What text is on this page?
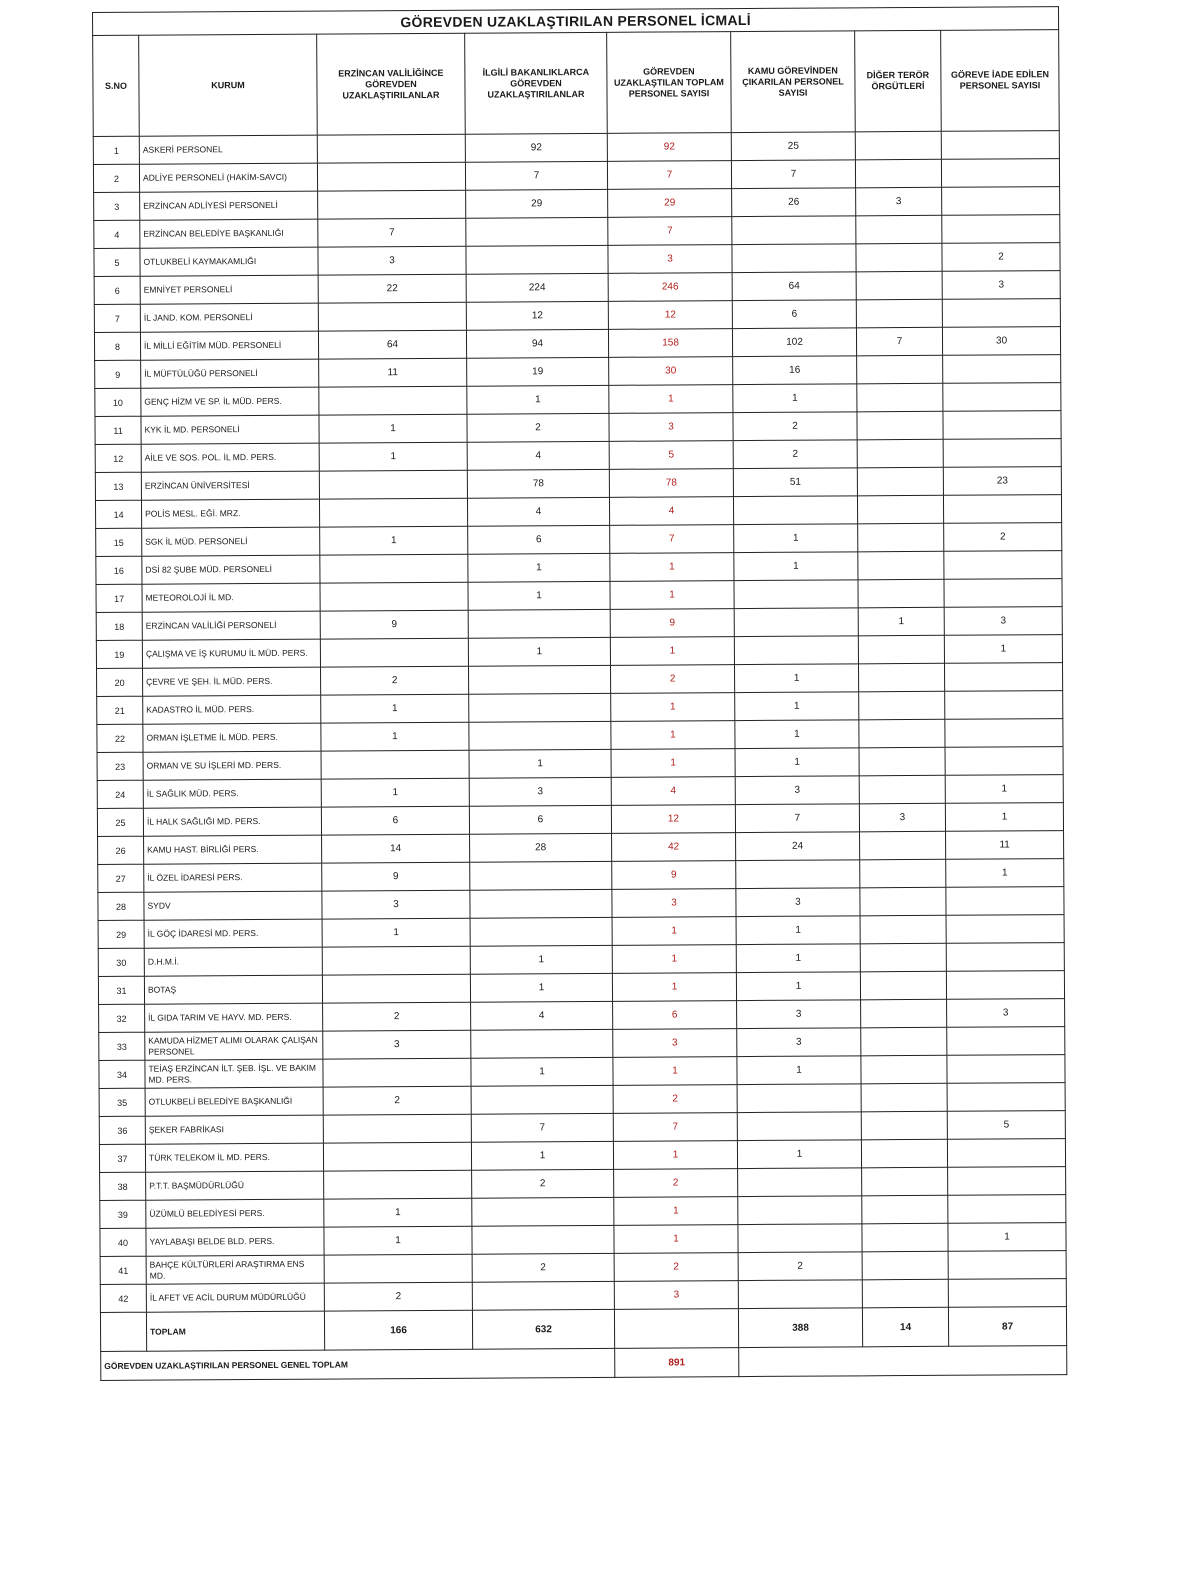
GÖREVDEN UZAKLAŞTIRILAN PERSONEL İCMALİ							
S.NO	KURUM	ERZİNCAN VALİLİĞİNCE GÖREVDEN UZAKLAŞTIRILANLAR	İLGİLİ BAKANLIKLARCA GÖREVDEN UZAKLAŞTIRILANLAR	GÖREVDEN UZAKLAŞTILAN TOPLAM PERSONEL SAYISI	KAMU GÖREVİNDEN ÇIKARILAN PERSONEL SAYISI	DİĞER TERÖR ÖRGÜTLERİ	GÖREVE İADE EDİLEN PERSONEL SAYISI
1	ASKERİ PERSONEL		92	92	25		
2	ADLİYE PERSONELİ (HAKİM-SAVCI)		7	7	7		
3	ERZİNCAN ADLİYESİ PERSONELİ		29	29	26	3	
4	ERZİNCAN BELEDİYE BAŞKANLIĞI	7		7			
5	OTLUKBELİ KAYMAKAMLIĞI	3		3			2
6	EMNİYET PERSONELİ	22	224	246	64		3
7	İL JAND. KOM. PERSONELİ		12	12	6		
8	İL MİLLİ EĞİTİM MÜD. PERSONELİ	64	94	158	102	7	30
9	İL MÜFTÜLÜĞÜ PERSONELİ	11	19	30	16		
10	GENÇ HİZM VE SP. İL MÜD. PERS.		1	1	1		
11	KYK İL MD. PERSONELİ	1	2	3	2		
12	AİLE VE SOS. POL. İL MD. PERS.	1	4	5	2		
13	ERZİNCAN ÜNİVERSİTESİ		78	78	51		23
14	POLİS MESL. EĞİ. MRZ.		4	4			
15	SGK İL MÜD. PERSONELİ	1	6	7	1		2
16	DSİ 82 ŞUBE MÜD. PERSONELİ		1	1	1		
17	METEOROLOJİ İL MD.		1	1			
18	ERZİNCAN VALİLİĞİ PERSONELİ	9		9		1	3
19	ÇALIŞMA VE İŞ KURUMU İL MÜD. PERS.		1	1			1
20	ÇEVRE VE ŞEH. İL MÜD. PERS.	2		2	1		
21	KADASTRO İL MÜD. PERS.	1		1	1		
22	ORMAN İŞLETME İL MÜD. PERS.	1		1	1		
23	ORMAN VE SU İŞLERİ MD. PERS.		1	1	1		
24	İL SAĞLIK MÜD. PERS.	1	3	4	3		1
25	İL HALK SAĞLIĞI MD. PERS.	6	6	12	7	3	1
26	KAMU HAST. BİRLİĞİ PERS.	14	28	42	24		11
27	İL ÖZEL İDARESİ PERS.	9		9			1
28	SYDV	3		3	3		
29	İL GÖÇ İDARESİ MD. PERS.	1		1	1		
30	D.H.M.İ.		1	1	1		
31	BOTAŞ		1	1	1		
32	İL GIDA TARIM VE HAYV. MD. PERS.	2	4	6	3		3
33	KAMUDA HİZMET ALIMI OLARAK ÇALIŞAN PERSONEL	3		3	3		
34	TEİAŞ ERZİNCAN İLT. ŞEB. İŞL. VE BAKIM MD. PERS.		1	1	1		
35	OTLUKBELİ BELEDİYE BAŞKANLIĞI	2		2			
36	ŞEKER FABRİKASI		7	7			5
37	TÜRK TELEKOM İL MD. PERS.		1	1	1		
38	P.T.T. BAŞMÜDÜRLÜĞÜ		2	2			
39	ÜZÜMLÜ BELEDİYESİ PERS.	1		1			
40	YAYLABAŞI BELDE BLD. PERS.	1		1			1
41	BAHÇE KÜLTÜRLERİ ARAŞTIRMA ENS MD.		2	2	2		
42	İL AFET VE ACİL DURUM MÜDÜRLÜĞÜ	2		3			
	TOPLAM	166	632		388	14	87
GÖREVDEN UZAKLAŞTIRILAN PERSONEL GENEL TOPLAM				891			
